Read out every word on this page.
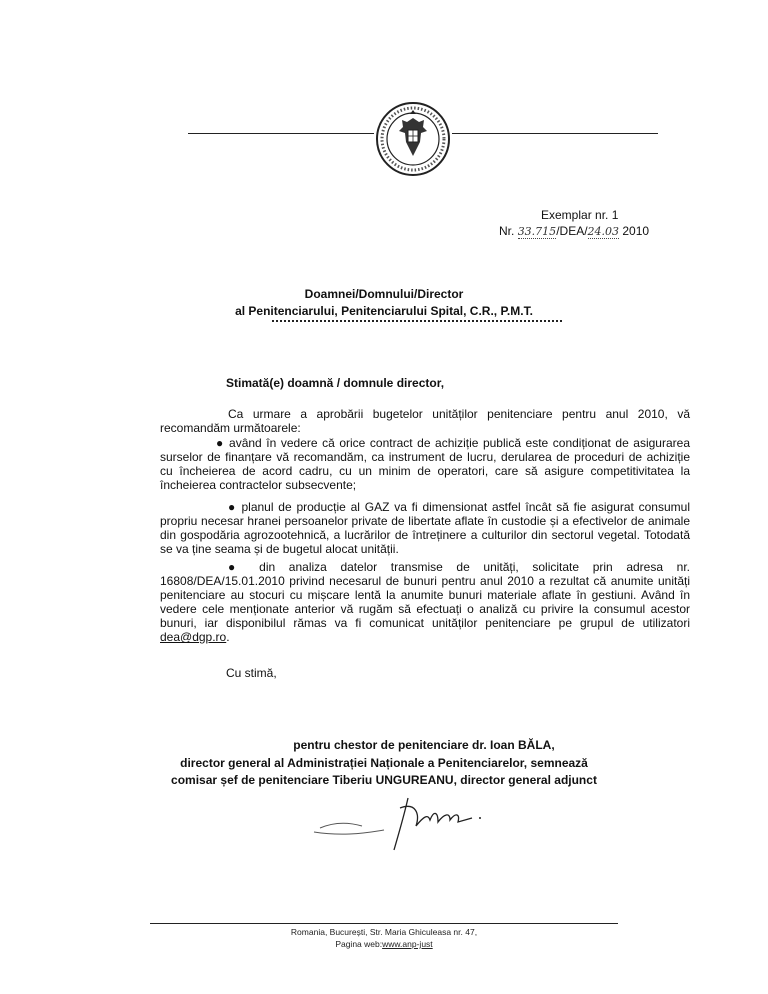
Exemplar nr. 1
Nr. 33.715/DEA/24.03 2010
Doamnei/Domnului/Director
al Penitenciarului, Penitenciarului Spital, C.R., P.M.T.
Stimată(e) doamnă / domnule director,

Ca urmare a aprobării bugetelor unităților penitenciare pentru anul 2010, vă recomandăm următoarele:

● având în vedere că orice contract de achiziție publică este condiționat de asigurarea surselor de finanțare vă recomandăm, ca instrument de lucru, derularea de proceduri de achiziție cu încheierea de acord cadru, cu un minim de operatori, care să asigure competitivitatea la încheierea contractelor subsecvente;

● planul de producție al GAZ va fi dimensionat astfel încât să fie asigurat consumul propriu necesar hranei persoanelor private de libertate aflate în custodie și a efectivelor de animale din gospodăria agrozootehnică, a lucrărilor de întreținere a culturilor din sectorul vegetal. Totodată se va ține seama și de bugetul alocat unității.

● din analiza datelor transmise de unități, solicitate prin adresa nr. 16808/DEA/15.01.2010 privind necesarul de bunuri pentru anul 2010 a rezultat că anumite unități penitenciare au stocuri cu mișcare lentă la anumite bunuri materiale aflate în gestiuni. Având în vedere cele menționate anterior vă rugăm să efectuați o analiză cu privire la consumul acestor bunuri, iar disponibilul rămas va fi comunicat unităților penitenciare pe grupul de utilizatori dea@dgp.ro.

Cu stimă,
pentru chestor de penitenciare dr. Ioan BĂLA,
director general al Administrației Naționale a Penitenciarelor, semnează
comisar șef de penitenciare Tiberiu UNGUREANU, director general adjunct
Romania, București, Str. Maria Ghiculeasa nr. 47,
Pagina web:www.anp-just
